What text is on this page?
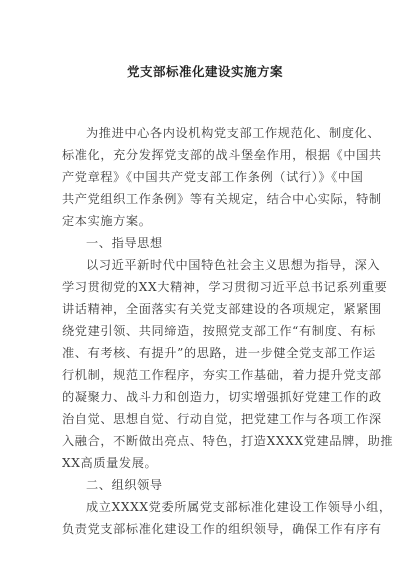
党支部标准化建设实施方案
为推进中心各内设机构党支部工作规范化、制度化、
标准化，充分发挥党支部的战斗堡垒作用，根据《中国共
产党章程》《中国共产党支部工作条例（试行）》《中国
共产党组织工作条例》等有关规定，结合中心实际，特制
定本实施方案。
一、指导思想
以习近平新时代中国特色社会主义思想为指导，深入
学习贯彻党的XX大精神，学习贯彻习近平总书记系列重要
讲话精神，全面落实有关党支部建设的各项规定，紧紧围
绕党建引领、共同缔造，按照党支部工作“有制度、有标
准、有考核、有提升”的思路，进一步健全党支部工作运
行机制，规范工作程序，夯实工作基础，着力提升党支部
的凝聚力、战斗力和创造力，切实增强抓好党建工作的政
治自觉、思想自觉、行动自觉，把党建工作与各项工作深
入融合，不断做出亮点、特色，打造XXXX党建品牌，助推
XX高质量发展。
二、组织领导
成立XXXX党委所属党支部标准化建设工作领导小组，
负责党支部标准化建设工作的组织领导，确保工作有序有
